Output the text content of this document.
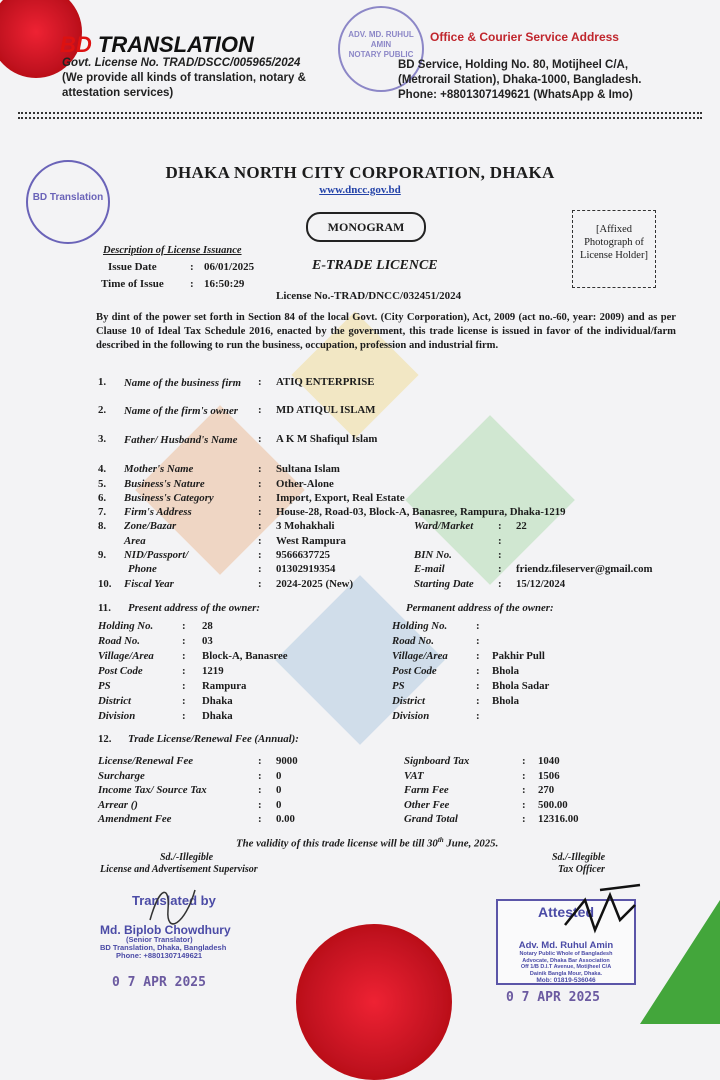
BD TRANSLATION
Govt. License No. TRAD/DSCC/005965/2024
(We provide all kinds of translation, notary &
attestation services)
ADV. MD. RUHUL AMIN
NOTARY PUBLIC
Office & Courier Service Address
BD Service, Holding No. 80, Motijheel C/A,
(Metrorail Station), Dhaka-1000, Bangladesh.
Phone: +8801307149621 (WhatsApp & Imo)
BD Translation
DHAKA NORTH CITY CORPORATION, DHAKA
www.dncc.gov.bd
MONOGRAM	[Affixed Photograph of License Holder]
Description of License Issuance
Issue Date	: 06/01/2025
Time of Issue : 16:50:29
E-TRADE LICENCE
License No.-TRAD/DNCC/032451/2024
By dint of the power set forth in Section 84 of the local Govt. (City Corporation), Act, 2009 (act no.-60, year: 2009) and as per Clause 10 of Ideal Tax Schedule 2016, enacted by the government, this trade license is issued in favor of the individual/farm described in the following to run the business, occupation, profession and industrial firm.
1. Name of the business firm	: ATIQ ENTERPRISE
2. Name of the firm's owner	: MD ATIQUL ISLAM
3. Father/ Husband's Name	: A K M Shafiqul Islam
4. Mother's Name	: Sultana Islam
5. Business's Nature	: Other-Alone
6. Business's Category	: Import, Export, Real Estate
7. Firm's Address	: House-28, Road-03, Block-A, Banasree, Rampura, Dhaka-1219
8. Zone/Bazar	: 3 Mohakhali	Ward/Market : 22
Area	: West Rampura	:
9. NID/Passport/	: 9566637725	BIN No.	:
Phone	: 01302919354	E-mail	: friendz.fileserver@gmail.com
10. Fiscal Year	: 2024-2025 (New)	Starting Date : 15/12/2024
11. Present address of the owner:	Permanent address of the owner:
Holding No.	: 28	Holding No.	:
Road No.	: 03	Road No.	:
Village/Area	: Block-A, Banasree	Village/Area	: Pakhir Pull
Post Code	: 1219	Post Code	: Bhola
PS	: Rampura	PS	: Bhola Sadar
District	: Dhaka	District	: Bhola
Division	: Dhaka	Division	:
12. Trade License/Renewal Fee (Annual):
License/Renewal Fee	: 9000	Signboard Tax	: 1040
Surcharge	: 0	VAT	: 1506
Income Tax/ Source Tax	: 0	Farm Fee	: 270
Arrear ()	: 0	Other Fee	: 500.00
Amendment Fee	: 0.00	Grand Total	: 12316.00
The validity of this trade license will be till 30th June, 2025.
Sd./-Illegible
License and Advertisement Supervisor
Sd./-Illegible
Tax Officer
Translated by
Md. Biplob Chowdhury
(Senior Translator)
BD Translation, Dhaka, Bangladesh
Phone: +8801307149621
0 7 APR 2025
Attested
Adv. Md. Ruhul Amin
Notary Public Whole of Bangladesh
Advocate, Dhaka Bar Association
Off 1/B D.I.T Avenue, Motijheel C/A
Dainik Bangla Mour, Dhaka.
Mob: 01819-536046
0 7 APR 2025
